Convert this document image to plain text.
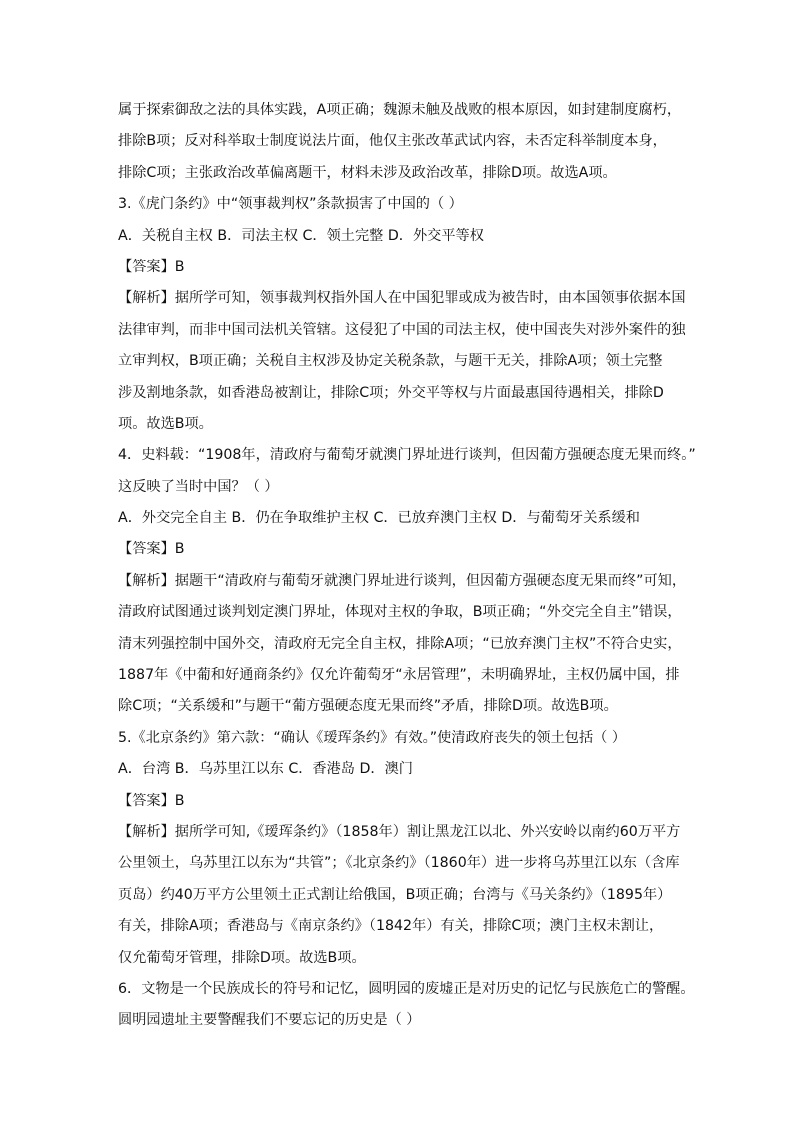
属于探索御敌之法的具体实践，A项正确；魏源未触及战败的根本原因，如封建制度腐朽，
排除B项；反对科举取士制度说法片面，他仅主张改革武试内容，未否定科举制度本身，
排除C项；主张政治改革偏离题干，材料未涉及政治改革，排除D项。故选A项。
3.《虎门条约》中“领事裁判权”条款损害了中国的（ ）
A．关税自主权 B．司法主权 C．领土完整 D．外交平等权
【答案】B
【解析】据所学可知，领事裁判权指外国人在中国犯罪或成为被告时，由本国领事依据本国
法律审判，而非中国司法机关管辖。这侵犯了中国的司法主权，使中国丧失对涉外案件的独
立审判权，B项正确；关税自主权涉及协定关税条款，与题干无关，排除A项；领土完整
涉及割地条款，如香港岛被割让，排除C项；外交平等权与片面最惠国待遇相关，排除D
项。故选B项。
4．史料载：“1908年，清政府与葡萄牙就澳门界址进行谈判，但因葡方强硬态度无果而终。”
这反映了当时中国？（ ）
A．外交完全自主 B．仍在争取维护主权 C．已放弃澳门主权 D．与葡萄牙关系缓和
【答案】B
【解析】据题干“清政府与葡萄牙就澳门界址进行谈判，但因葡方强硬态度无果而终”可知，
清政府试图通过谈判划定澳门界址，体现对主权的争取，B项正确；“外交完全自主”错误，
清末列强控制中国外交，清政府无完全自主权，排除A项；“已放弃澳门主权”不符合史实，
1887年《中葡和好通商条约》仅允许葡萄牙“永居管理”，未明确界址，主权仍属中国，排
除C项；“关系缓和”与题干“葡方强硬态度无果而终”矛盾，排除D项。故选B项。
5.《北京条约》第六款：“确认《瑷珲条约》有效。”使清政府丧失的领土包括（ ）
A．台湾 B．乌苏里江以东 C．香港岛 D．澳门
【答案】B
【解析】据所学可知,《瑷珲条约》（1858年）割让黑龙江以北、外兴安岭以南约60万平方
公里领土，乌苏里江以东为“共管”；《北京条约》（1860年）进一步将乌苏里江以东（含库
页岛）约40万平方公里领土正式割让给俄国，B项正确；台湾与《马关条约》（1895年）
有关，排除A项；香港岛与《南京条约》（1842年）有关，排除C项；澳门主权未割让，
仅允葡萄牙管理，排除D项。故选B项。
6．文物是一个民族成长的符号和记忆，圆明园的废墟正是对历史的记忆与民族危亡的警醒。
圆明园遗址主要警醒我们不要忘记的历史是（ ）
